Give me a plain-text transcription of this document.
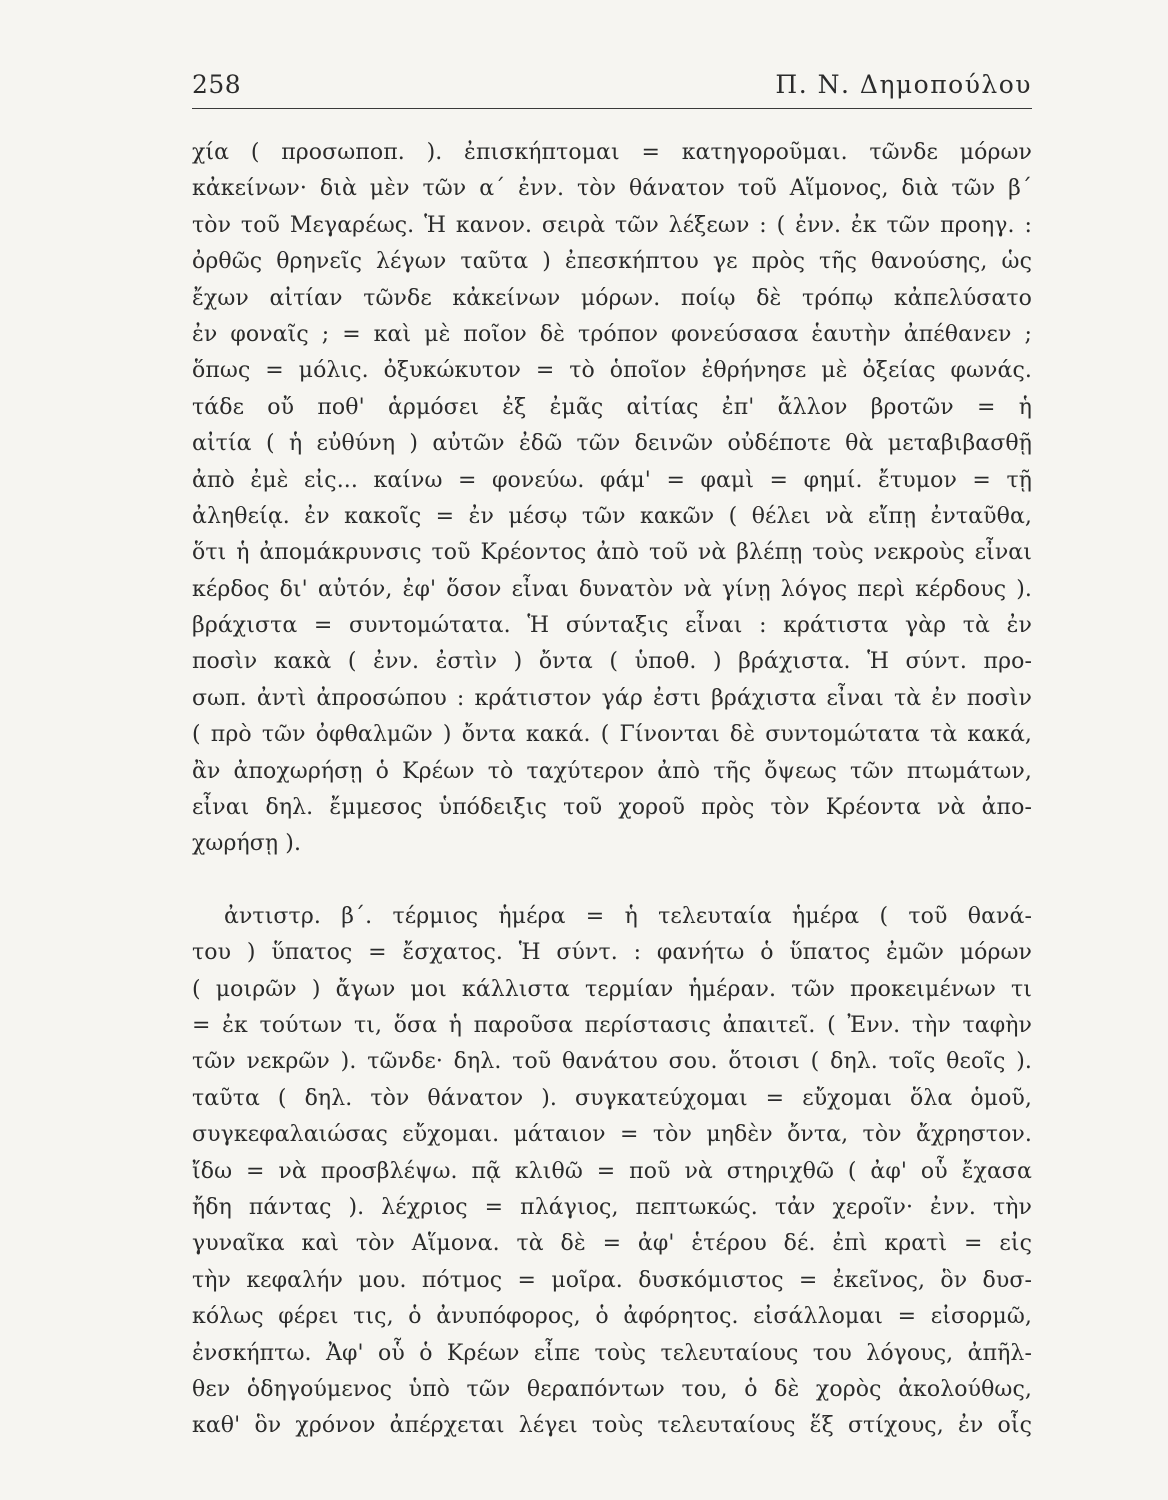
258	Π. Ν. Δημοπούλου
χία ( προσωποπ. ). ἐπισκήπτομαι = κατηγοροῦμαι. τῶνδε μόρων
κἀκείνων· διὰ μὲν τῶν α΄ ἐνν. τὸν θάνατον τοῦ Αἵμονος, διὰ τῶν β΄
τὸν τοῦ Μεγαρέως. Ἡ κανον. σειρὰ τῶν λέξεων : ( ἐνν. ἐκ τῶν προηγ. :
ὀρθῶς θρηνεῖς λέγων ταῦτα ) ἐπεσκήπτου γε πρὸς τῆς θανούσης, ὡς
ἔχων αἰτίαν τῶνδε κἀκείνων μόρων. ποίῳ δὲ τρόπῳ κἀπελύσατο
ἐν φοναῖς ; = καὶ μὲ ποῖον δὲ τρόπον φονεύσασα ἑαυτὴν ἀπέθανεν ;
ὅπως = μόλις. ὀξυκώκυτον = τὸ ὁποῖον ἐθρήνησε μὲ ὀξείας φωνάς.
τάδε οὔ ποθ' ἁρμόσει ἐξ ἐμᾶς αἰτίας ἐπ' ἄλλον βροτῶν = ἡ
αἰτία ( ἡ εὐθύνη ) αὐτῶν ἐδῶ τῶν δεινῶν οὐδέποτε θὰ μεταβιβασθῇ
ἀπὸ ἐμὲ εἰς... καίνω = φονεύω. φάμ' = φαμὶ = φημί. ἔτυμον = τῇ
ἀληθείᾳ. ἐν κακοῖς = ἐν μέσῳ τῶν κακῶν ( θέλει νὰ εἴπῃ ἐνταῦθα,
ὅτι ἡ ἀπομάκρυνσις τοῦ Κρέοντος ἀπὸ τοῦ νὰ βλέπῃ τοὺς νεκροὺς εἶναι
κέρδος δι' αὐτόν, ἐφ' ὅσον εἶναι δυνατὸν νὰ γίνῃ λόγος περὶ κέρδους ).
βράχιστα = συντομώτατα. Ἡ σύνταξις εἶναι : κράτιστα γὰρ τὰ ἐν
ποσὶν κακὰ ( ἐνν. ἐστὶν ) ὄντα ( ὑποθ. ) βράχιστα. Ἡ σύντ. προ-
σωπ. ἀντὶ ἀπροσώπου : κράτιστον γάρ ἐστι βράχιστα εἶναι τὰ ἐν ποσὶν
( πρὸ τῶν ὀφθαλμῶν ) ὄντα κακά. ( Γίνονται δὲ συντομώτατα τὰ κακά,
ἂν ἀποχωρήσῃ ὁ Κρέων τὸ ταχύτερον ἀπὸ τῆς ὄψεως τῶν πτωμάτων,
εἶναι δηλ. ἔμμεσος ὑπόδειξις τοῦ χοροῦ πρὸς τὸν Κρέοντα νὰ ἀπο-
χωρήσῃ ).
ἀντιστρ. β΄. τέρμιος ἡμέρα = ἡ τελευταία ἡμέρα ( τοῦ θανά-
του ) ὕπατος = ἔσχατος. Ἡ σύντ. : φανήτω ὁ ὕπατος ἐμῶν μόρων
( μοιρῶν ) ἄγων μοι κάλλιστα τερμίαν ἡμέραν. τῶν προκειμένων τι
= ἐκ τούτων τι, ὅσα ἡ παροῦσα περίστασις ἀπαιτεῖ. ( Ἐνν. τὴν ταφὴν
τῶν νεκρῶν ). τῶνδε· δηλ. τοῦ θανάτου σου. ὅτοισι ( δηλ. τοῖς θεοῖς ).
ταῦτα ( δηλ. τὸν θάνατον ). συγκατεύχομαι = εὔχομαι ὅλα ὁμοῦ,
συγκεφαλαιώσας εὔχομαι. μάταιον = τὸν μηδὲν ὄντα, τὸν ἄχρηστον.
ἴδω = νὰ προσβλέψω. πᾷ κλιθῶ = ποῦ νὰ στηριχθῶ ( ἀφ' οὗ ἔχασα
ἤδη πάντας ). λέχριος = πλάγιος, πεπτωκώς. τἀν χεροῖν· ἐνν. τὴν
γυναῖκα καὶ τὸν Αἵμονα. τὰ δὲ = ἀφ' ἑτέρου δέ. ἐπὶ κρατὶ = εἰς
τὴν κεφαλήν μου. πότμος = μοῖρα. δυσκόμιστος = ἐκεῖνος, ὃν δυσ-
κόλως φέρει τις, ὁ ἀνυπόφορος, ὁ ἀφόρητος. εἰσάλλομαι = εἰσορμῶ,
ἐνσκήπτω. Ἀφ' οὗ ὁ Κρέων εἶπε τοὺς τελευταίους του λόγους, ἀπῆλ-
θεν ὁδηγούμενος ὑπὸ τῶν θεραπόντων του, ὁ δὲ χορὸς ἀκολούθως,
καθ' ὃν χρόνον ἀπέρχεται λέγει τοὺς τελευταίους ἕξ στίχους, ἐν οἷς
